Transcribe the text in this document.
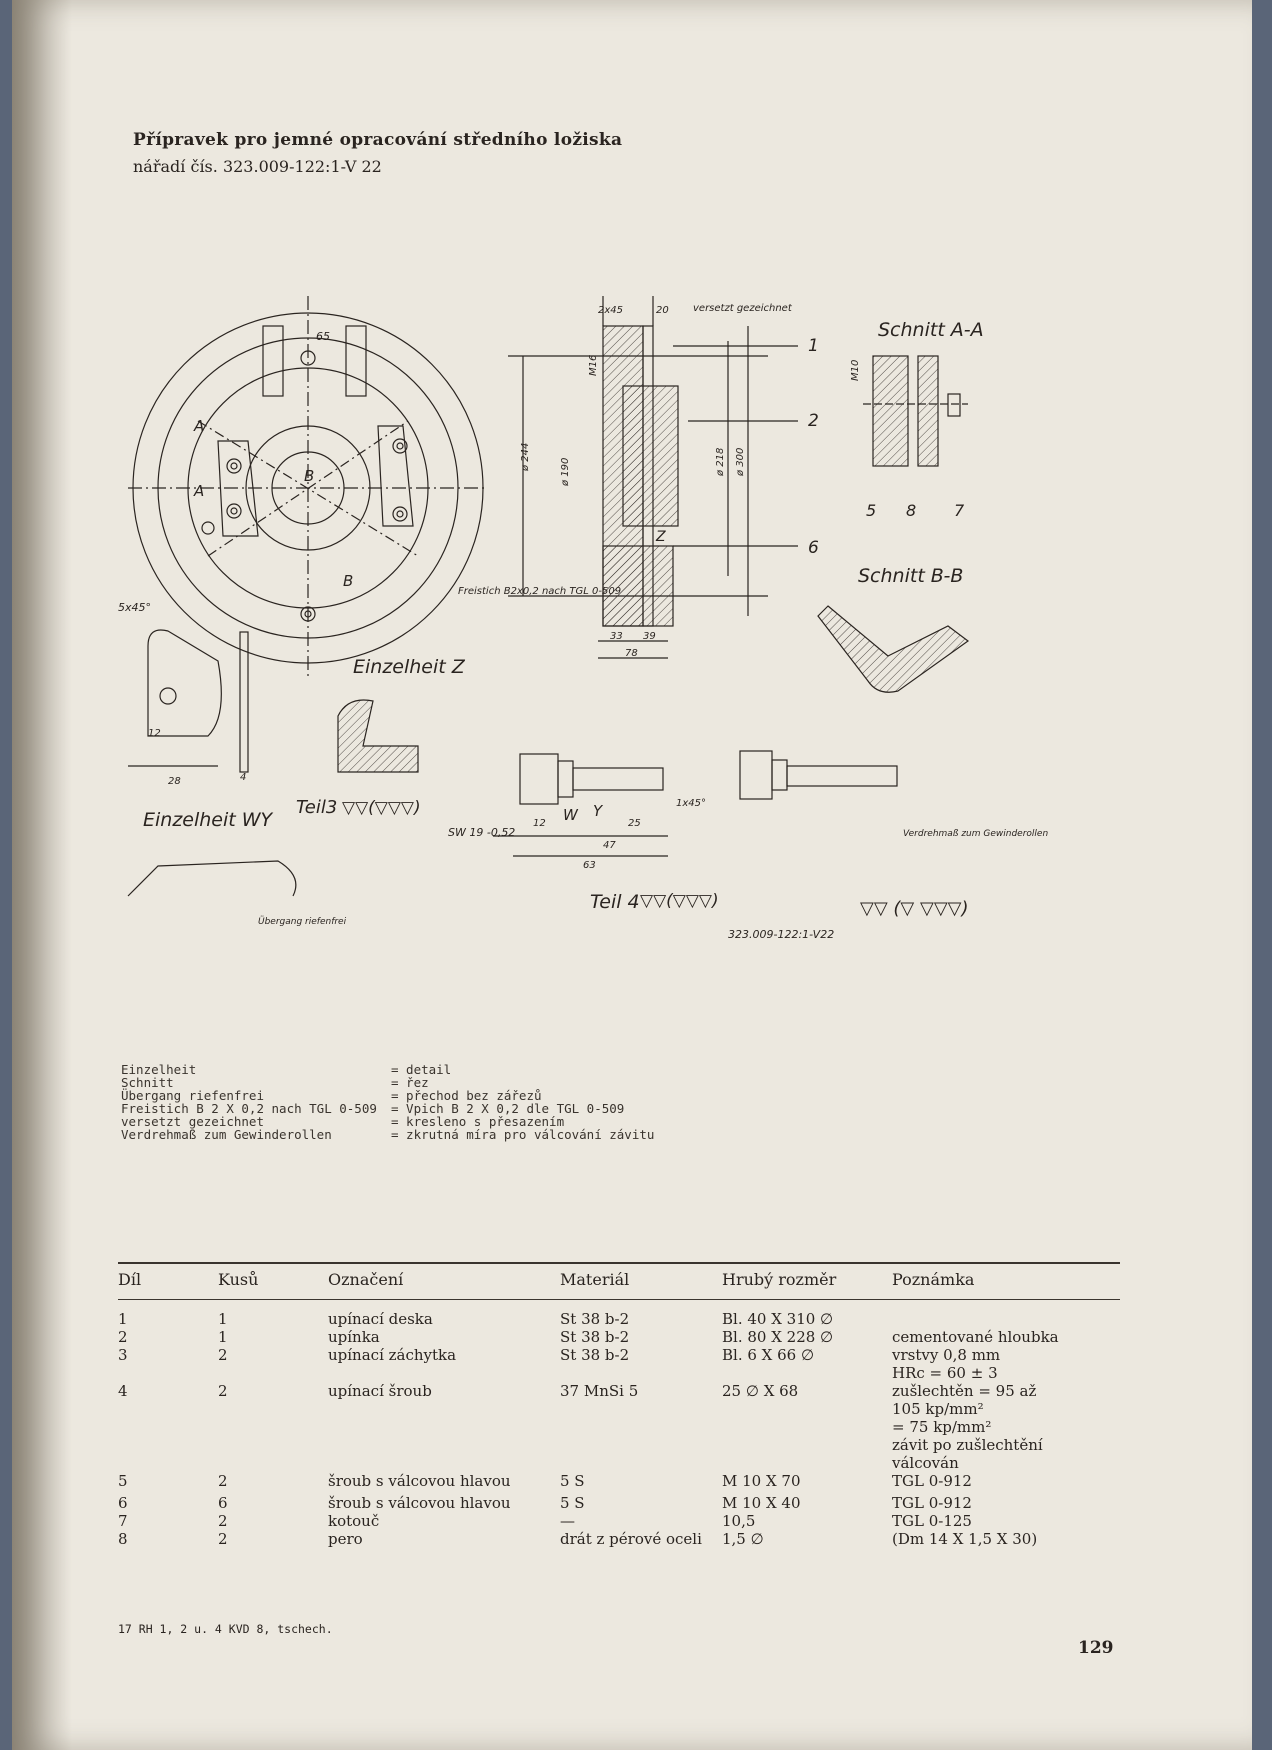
Přípravek pro jemné opracování středního ložiska
nářadí čís. 323.009-122:1-V 22
A
A
B
B
65
5x45°
ø 244	ø 218 ø 300
ø 190
M16
2x45	20 versetzt gezeichnet
Freistich B2x0,2 nach TGL 0-509
33 39
78
Z
1
2
6
Schnitt A-A
5 8 7
M10
Schnitt B-B
28	4
12
Einzelheit WY
Teil3 ▽▽(▽▽▽)
Übergang riefenfrei
Einzelheit Z
SW 19 -0,52
W Y
12	25
47
63
1x45°
Teil 4 ▽▽(▽▽▽)
Verdrehmaß zum Gewinderollen
▽▽ (▽ ▽▽▽)
323.009-122:1-V22
Einzelheit	= detail
Schnitt	= řez
Übergang riefenfrei	= přechod bez zářezů
Freistich B 2 X 0,2 nach TGL 0-509	= Vpich B 2 X 0,2 dle TGL 0-509
versetzt gezeichnet	= kresleno s přesazením
Verdrehmaß zum Gewinderollen	= zkrutná míra pro válcování závitu
Díl	Kusů	Označení	Materiál	Hrubý rozměr	Poznámka

1	1	upínací deska	St 38 b-2	Bl. 40 X 310 ∅	
2	1	upínka	St 38 b-2	Bl. 80 X 228 ∅	cementované hloubka
3	2	upínací záchytka	St 38 b-2	Bl. 6 X 66 ∅	vrstvy 0,8 mm
					HRc = 60 ± 3
4	2	upínací šroub	37 MnSi 5	25 ∅ X 68	zušlechtěn = 95 až
					105 kp/mm²
					= 75 kp/mm²
					závit po zušlechtění
					válcován
5	2	šroub s válcovou hlavou	5 S	M 10 X 70	TGL 0-912
6	6	šroub s válcovou hlavou	5 S	M 10 X 40	TGL 0-912
7	2	kotouč	—	10,5	TGL 0-125
8	2	pero	drát z pérové oceli	1,5 ∅	(Dm 14 X 1,5 X 30)
17 RH 1, 2 u. 4 KVD 8, tschech.
129
